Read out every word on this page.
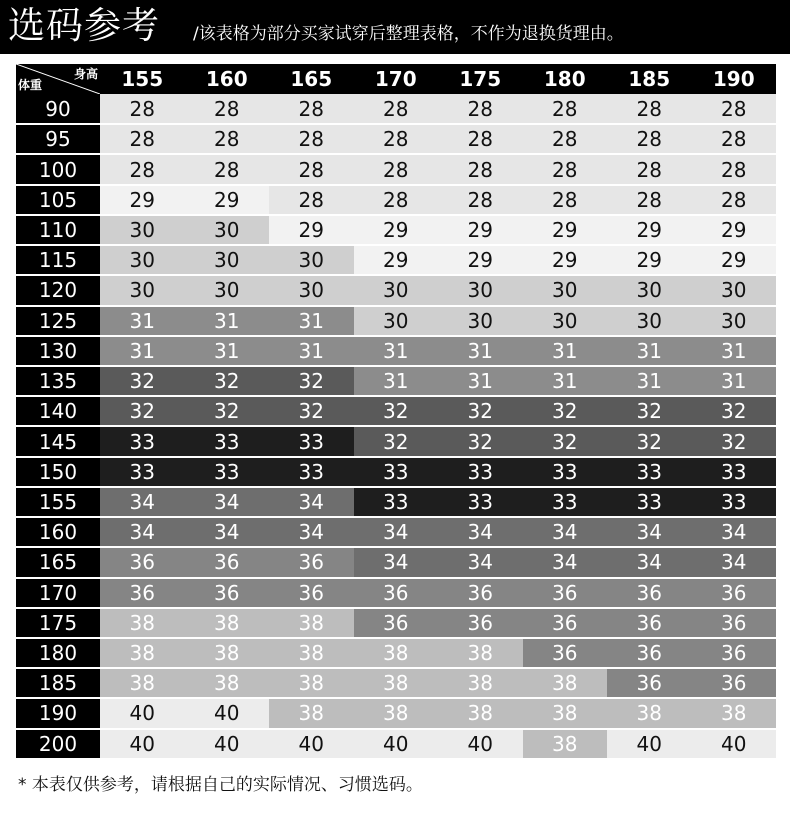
选码参考 /该表格为部分买家试穿后整理表格，不作为退换货理由。
身高
体重	155	160	165	170	175	180	185	190
90	28	28	28	28	28	28	28	28
95	28	28	28	28	28	28	28	28
100	28	28	28	28	28	28	28	28
105	29	29	28	28	28	28	28	28
110	30	30	29	29	29	29	29	29
115	30	30	30	29	29	29	29	29
120	30	30	30	30	30	30	30	30
125	31	31	31	30	30	30	30	30
130	31	31	31	31	31	31	31	31
135	32	32	32	31	31	31	31	31
140	32	32	32	32	32	32	32	32
145	33	33	33	32	32	32	32	32
150	33	33	33	33	33	33	33	33
155	34	34	34	33	33	33	33	33
160	34	34	34	34	34	34	34	34
165	36	36	36	34	34	34	34	34
170	36	36	36	36	36	36	36	36
175	38	38	38	36	36	36	36	36
180	38	38	38	38	38	36	36	36
185	38	38	38	38	38	38	36	36
190	40	40	38	38	38	38	38	38
200	40	40	40	40	40	38	40	40
* 本表仅供参考，请根据自己的实际情况、习惯选码。
